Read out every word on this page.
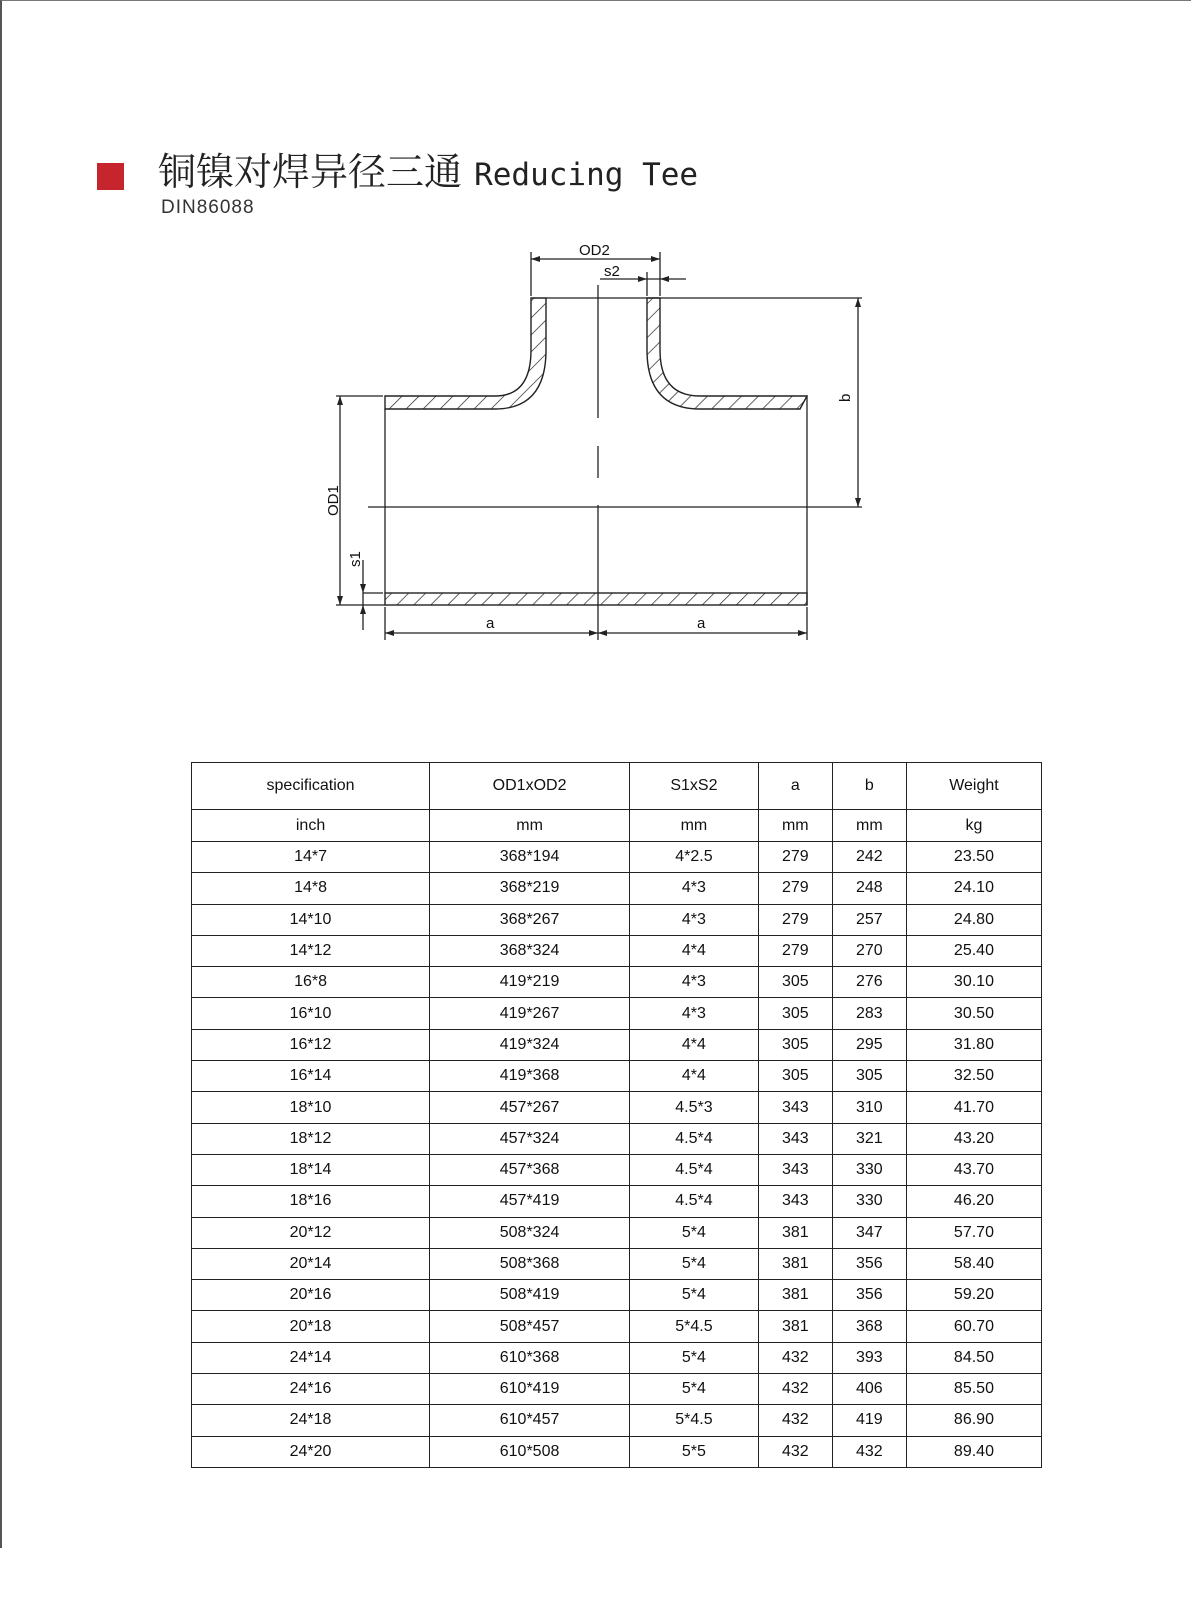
铜镍对焊异径三通 Reducing Tee
DIN86088
OD2
s2
b
OD1
s1
a	a
specification	OD1xOD2	S1xS2	a	b	Weight
inch	mm	mm	mm	mm	kg
14*7	368*194	4*2.5	279	242	23.50
14*8	368*219	4*3	279	248	24.10
14*10	368*267	4*3	279	257	24.80
14*12	368*324	4*4	279	270	25.40
16*8	419*219	4*3	305	276	30.10
16*10	419*267	4*3	305	283	30.50
16*12	419*324	4*4	305	295	31.80
16*14	419*368	4*4	305	305	32.50
18*10	457*267	4.5*3	343	310	41.70
18*12	457*324	4.5*4	343	321	43.20
18*14	457*368	4.5*4	343	330	43.70
18*16	457*419	4.5*4	343	330	46.20
20*12	508*324	5*4	381	347	57.70
20*14	508*368	5*4	381	356	58.40
20*16	508*419	5*4	381	356	59.20
20*18	508*457	5*4.5	381	368	60.70
24*14	610*368	5*4	432	393	84.50
24*16	610*419	5*4	432	406	85.50
24*18	610*457	5*4.5	432	419	86.90
24*20	610*508	5*5	432	432	89.40
